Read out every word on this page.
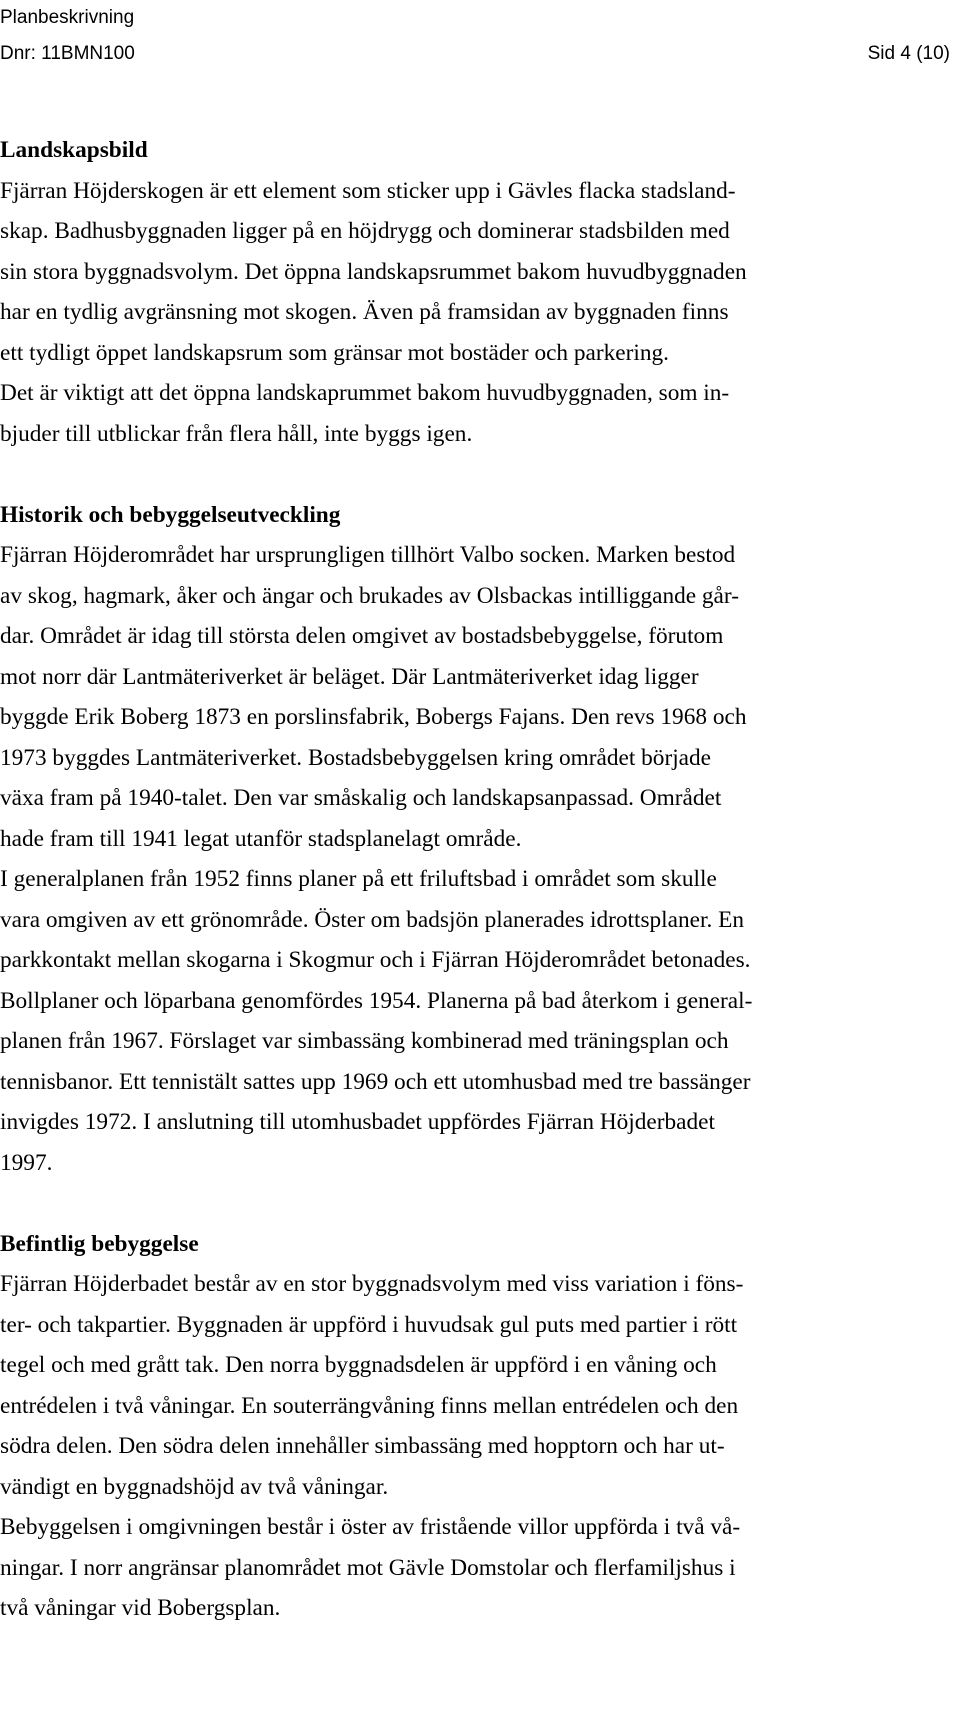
Planbeskrivning
Dnr: 11BMN100	Sid 4 (10)

Landskapsbild

Fjärran Höjderskogen är ett element som sticker upp i Gävles flacka stadsland-
skap. Badhusbyggnaden ligger på en höjdrygg och dominerar stadsbilden med
sin stora byggnadsvolym. Det öppna landskapsrummet bakom huvudbyggnaden
har en tydlig avgränsning mot skogen. Även på framsidan av byggnaden finns
ett tydligt öppet landskapsrum som gränsar mot bostäder och parkering.

Det är viktigt att det öppna landskaprummet bakom huvudbyggnaden, som in-
bjuder till utblickar från flera håll, inte byggs igen.

Historik och bebyggelseutveckling

Fjärran Höjderområdet har ursprungligen tillhört Valbo socken. Marken bestod
av skog, hagmark, åker och ängar och brukades av Olsbackas intilliggande går-
dar. Området är idag till största delen omgivet av bostadsbebyggelse, förutom
mot norr där Lantmäteriverket är beläget. Där Lantmäteriverket idag ligger
byggde Erik Boberg 1873 en porslinsfabrik, Bobergs Fajans. Den revs 1968 och
1973 byggdes Lantmäteriverket. Bostadsbebyggelsen kring området började
växa fram på 1940-talet. Den var småskalig och landskapsanpassad. Området
hade fram till 1941 legat utanför stadsplanelagt område.

I generalplanen från 1952 finns planer på ett friluftsbad i området som skulle
vara omgiven av ett grönområde. Öster om badsjön planerades idrottsplaner. En
parkkontakt mellan skogarna i Skogmur och i Fjärran Höjderområdet betonades.
Bollplaner och löparbana genomfördes 1954. Planerna på bad återkom i general-
planen från 1967. Förslaget var simbassäng kombinerad med träningsplan och
tennisbanor. Ett tennistält sattes upp 1969 och ett utomhusbad med tre bassänger
invigdes 1972. I anslutning till utomhusbadet uppfördes Fjärran Höjderbadet
1997.

Befintlig bebyggelse

Fjärran Höjderbadet består av en stor byggnadsvolym med viss variation i föns-
ter- och takpartier. Byggnaden är uppförd i huvudsak gul puts med partier i rött
tegel och med grått tak. Den norra byggnadsdelen är uppförd i en våning och
entrédelen i två våningar. En souterrängvåning finns mellan entrédelen och den
södra delen. Den södra delen innehåller simbassäng med hopptorn och har ut-
vändigt en byggnadshöjd av två våningar.

Bebyggelsen i omgivningen består i öster av fristående villor uppförda i två vå-
ningar. I norr angränsar planområdet mot Gävle Domstolar och flerfamiljshus i
två våningar vid Bobergsplan.
